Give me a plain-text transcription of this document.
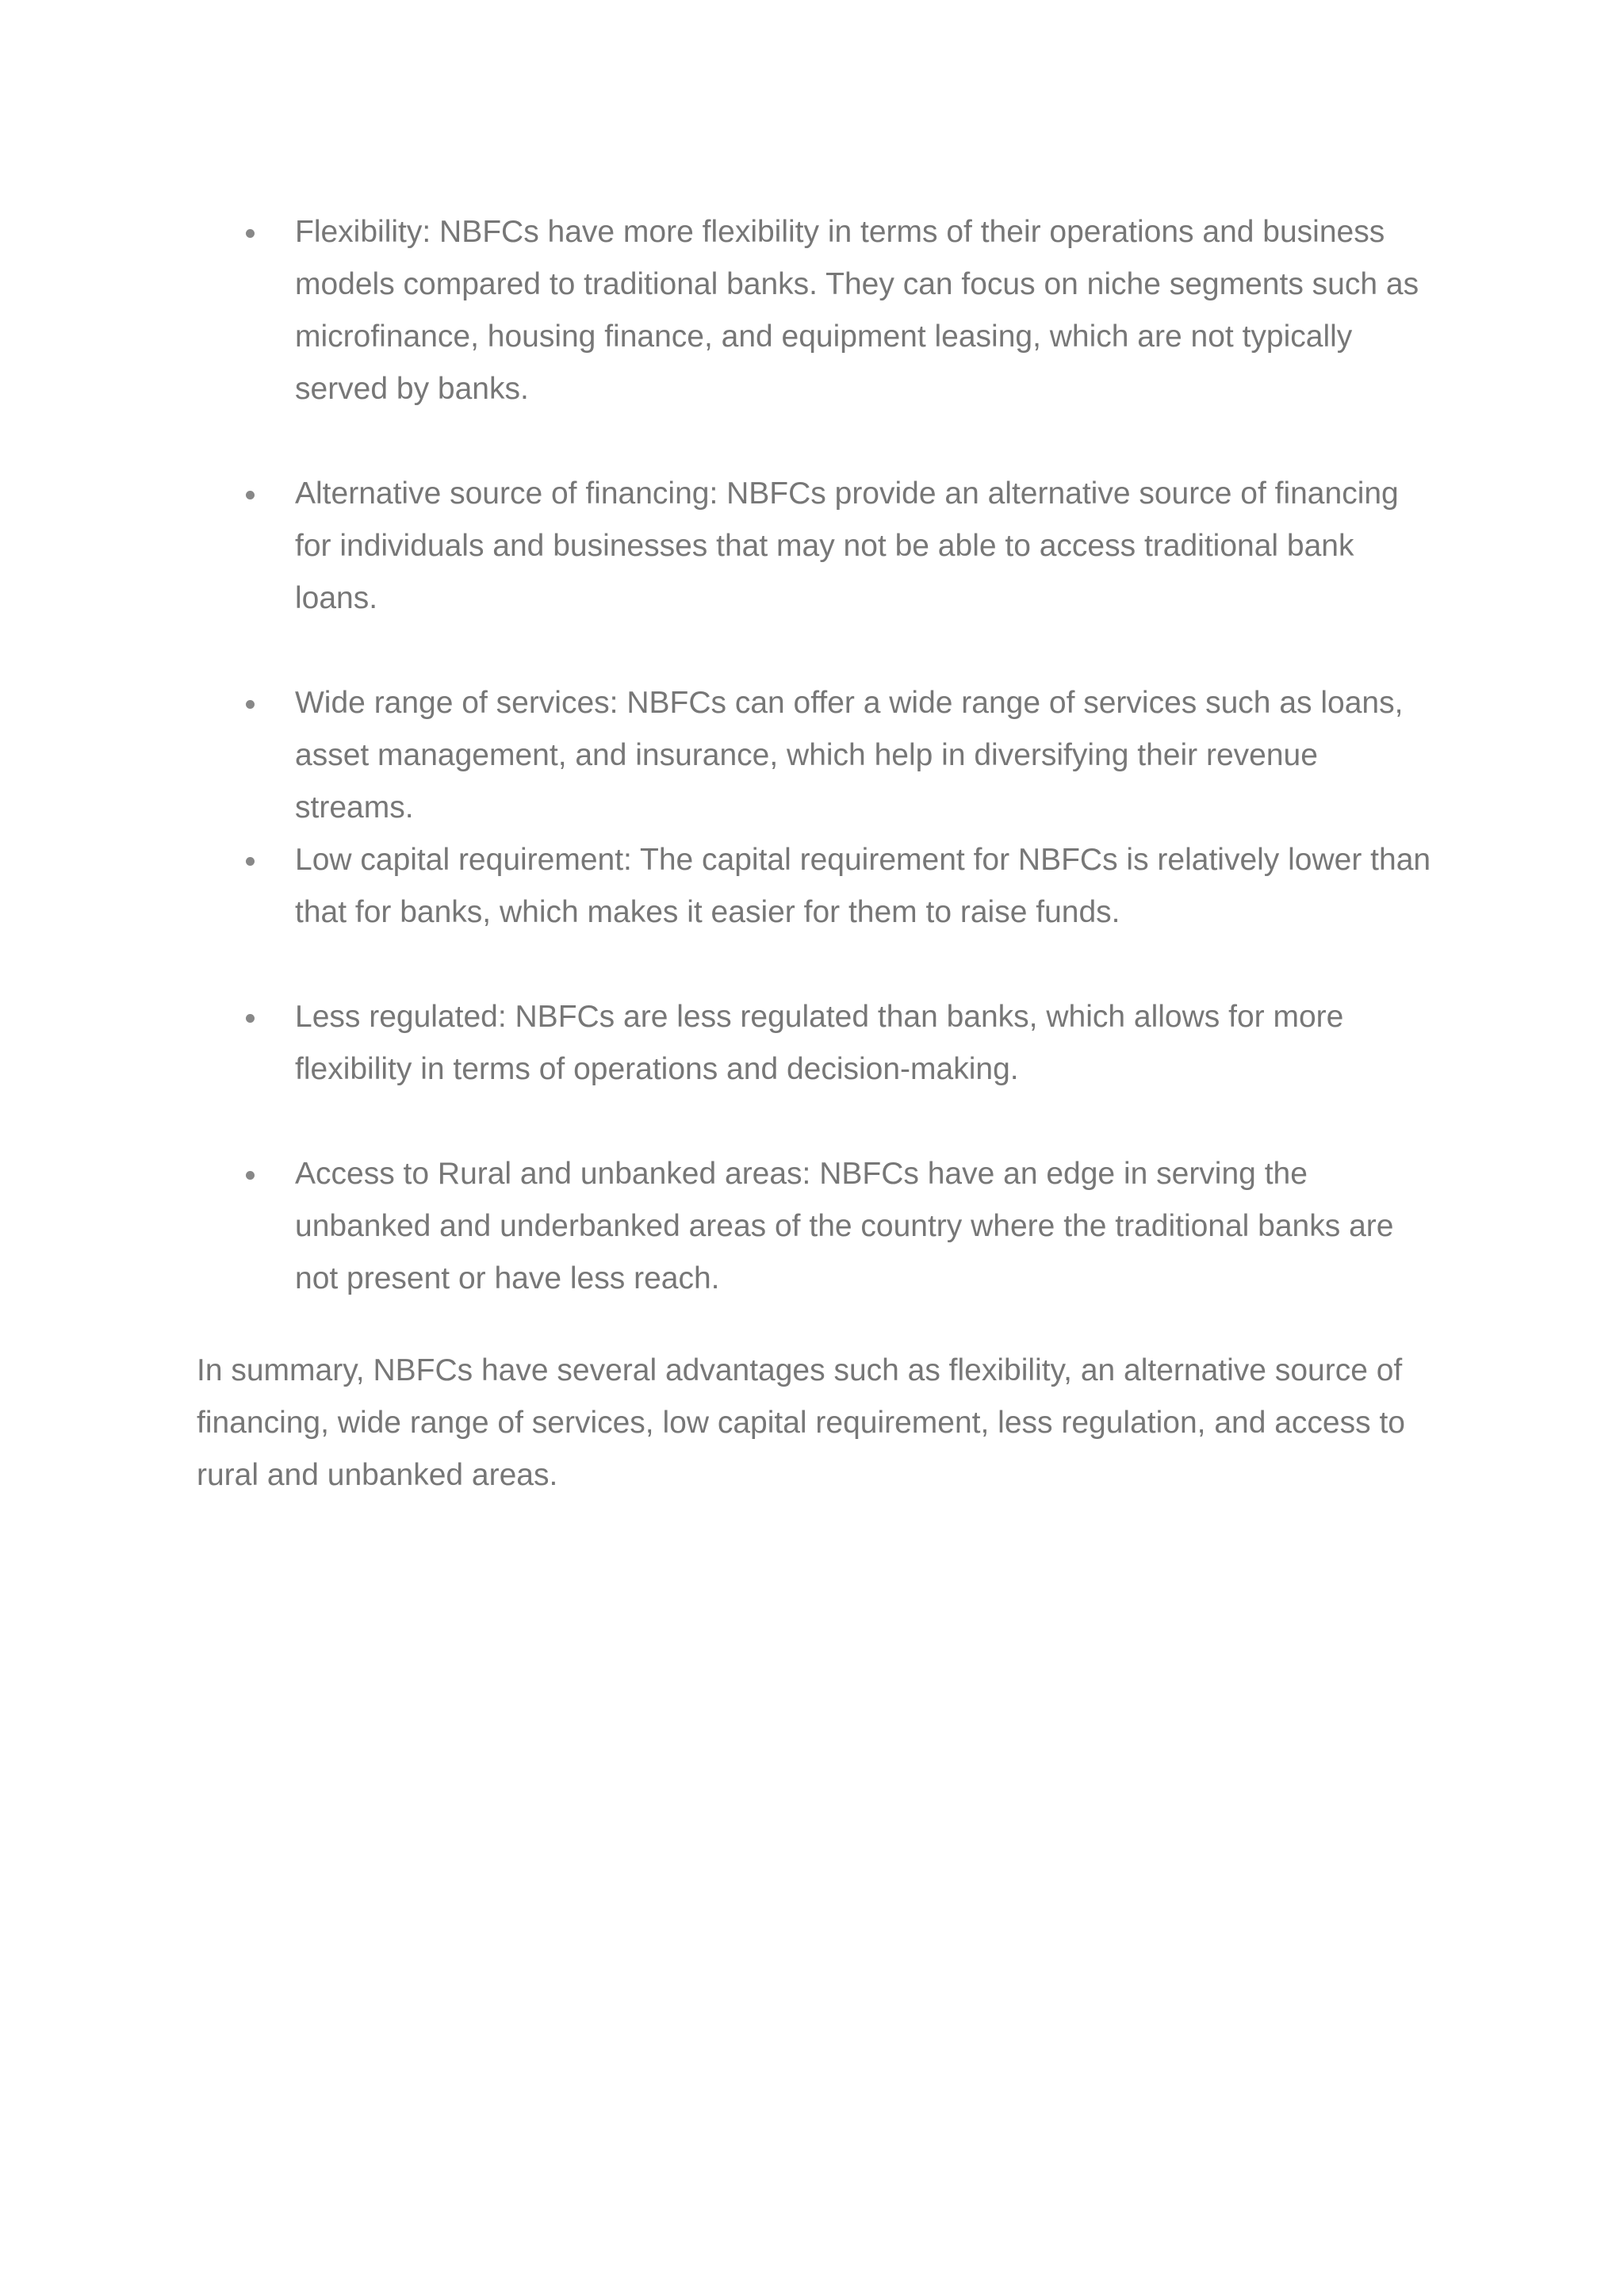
Flexibility: NBFCs have more flexibility in terms of their operations and business models compared to traditional banks. They can focus on niche segments such as microfinance, housing finance, and equipment leasing, which are not typically served by banks.
Alternative source of financing: NBFCs provide an alternative source of financing for individuals and businesses that may not be able to access traditional bank loans.
Wide range of services: NBFCs can offer a wide range of services such as loans, asset management, and insurance, which help in diversifying their revenue streams.
Low capital requirement: The capital requirement for NBFCs is relatively lower than that for banks, which makes it easier for them to raise funds.
Less regulated: NBFCs are less regulated than banks, which allows for more flexibility in terms of operations and decision-making.
Access to Rural and unbanked areas: NBFCs have an edge in serving the unbanked and underbanked areas of the country where the traditional banks are not present or have less reach.

In summary, NBFCs have several advantages such as flexibility, an alternative source of financing, wide range of services, low capital requirement, less regulation, and access to rural and unbanked areas.
